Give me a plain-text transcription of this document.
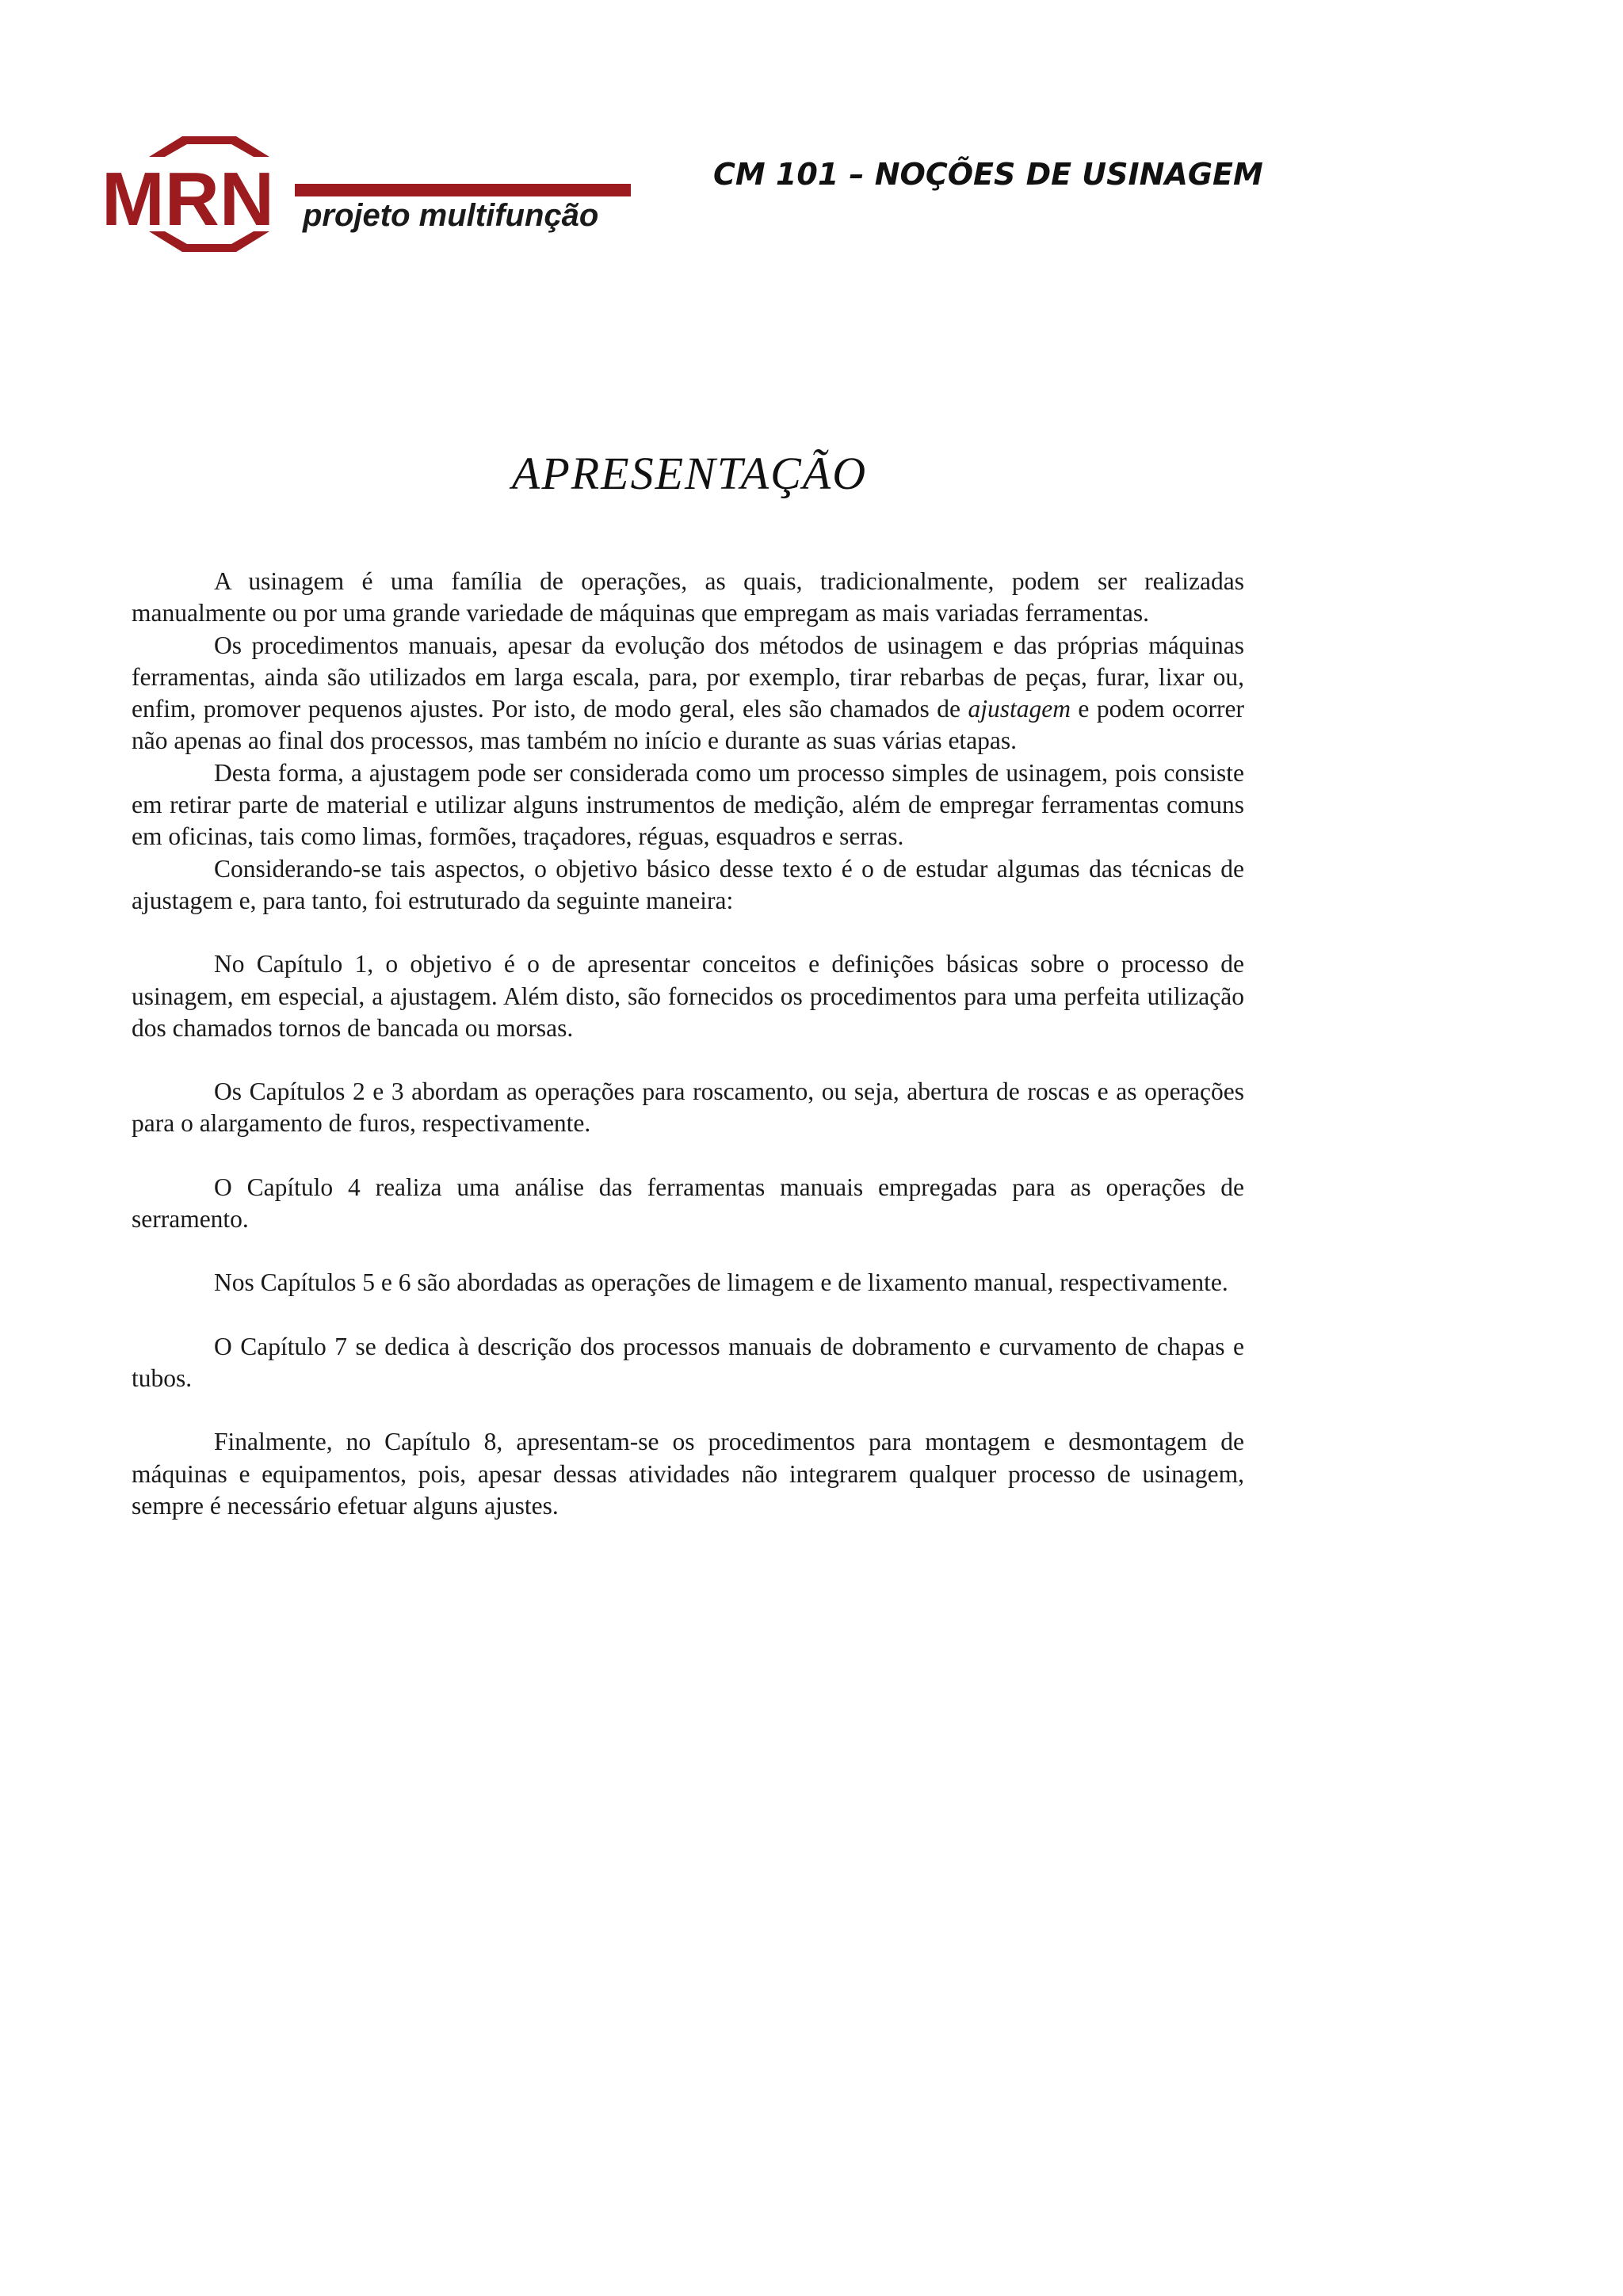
MRN projeto multifunção
CM 101 – NOÇÕES DE USINAGEM
APRESENTAÇÃO

A usinagem é uma família de operações, as quais, tradicionalmente, podem ser realizadas manualmente ou por uma grande variedade de máquinas que empregam as mais variadas ferramentas.

Os procedimentos manuais, apesar da evolução dos métodos de usinagem e das próprias máquinas ferramentas, ainda são utilizados em larga escala, para, por exemplo, tirar rebarbas de peças, furar, lixar ou, enfim, promover pequenos ajustes. Por isto, de modo geral, eles são chamados de ajustagem e podem ocorrer não apenas ao final dos processos, mas também no início e durante as suas várias etapas.

Desta forma, a ajustagem pode ser considerada como um processo simples de usinagem, pois consiste em retirar parte de material e utilizar alguns instrumentos de medição, além de empregar ferramentas comuns em oficinas, tais como limas, formões, traçadores, réguas, esquadros e serras.

Considerando-se tais aspectos, o objetivo básico desse texto é o de estudar algumas das técnicas de ajustagem e, para tanto, foi estruturado da seguinte maneira:

No Capítulo 1, o objetivo é o de apresentar conceitos e definições básicas sobre o processo de usinagem, em especial, a ajustagem. Além disto, são fornecidos os procedimentos para uma perfeita utilização dos chamados tornos de bancada ou morsas.

Os Capítulos 2 e 3 abordam as operações para roscamento, ou seja, abertura de roscas e as operações para o alargamento de furos, respectivamente.

O Capítulo 4 realiza uma análise das ferramentas manuais empregadas para as operações de serramento.

Nos Capítulos 5 e 6 são abordadas as operações de limagem e de lixamento manual, respectivamente.

O Capítulo 7 se dedica à descrição dos processos manuais de dobramento e curvamento de chapas e tubos.

Finalmente, no Capítulo 8, apresentam-se os procedimentos para montagem e desmontagem de máquinas e equipamentos, pois, apesar dessas atividades não integrarem qualquer processo de usinagem, sempre é necessário efetuar alguns ajustes.
